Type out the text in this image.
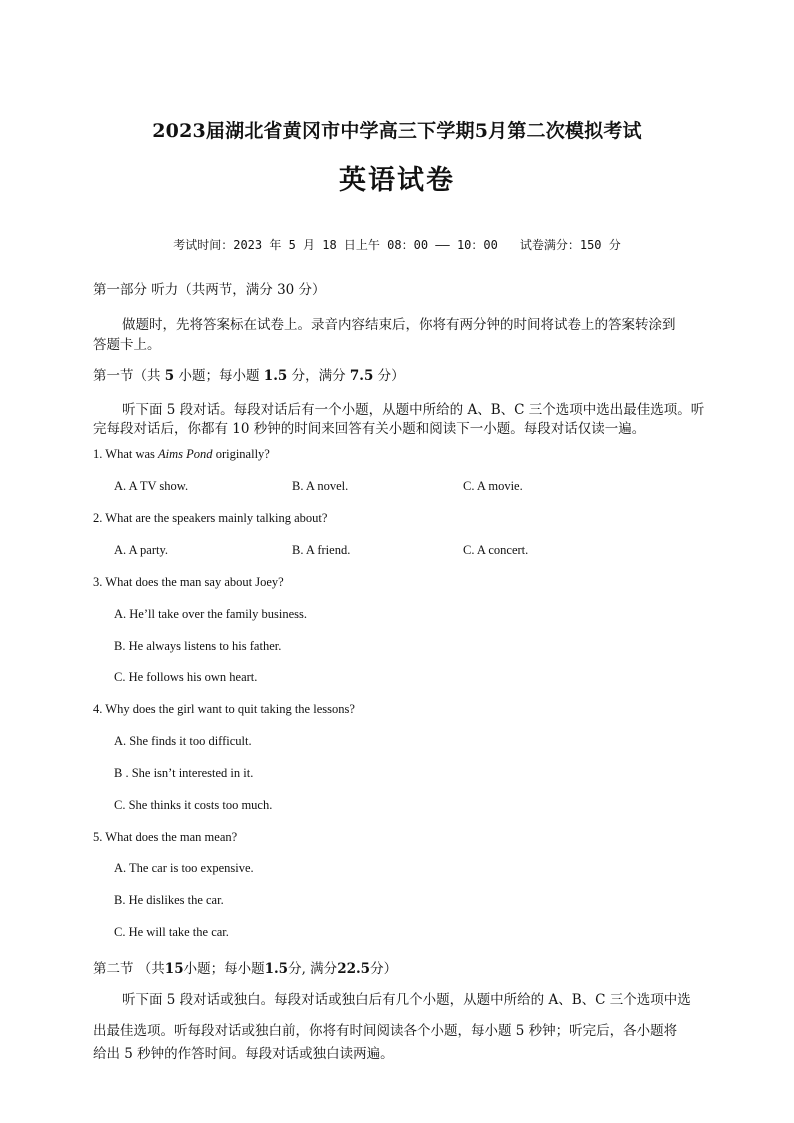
2023届湖北省黄冈市中学高三下学期5月第二次模拟考试
英语试卷
考试时间：2023 年 5 月 18 日上午 08：00 —— 10：00 试卷满分：150 分
第一部分 听力（共两节，满分 30 分）
做题时，先将答案标在试卷上。录音内容结束后，你将有两分钟的时间将试卷上的答案转涂到
答题卡上。
第一节（共 5 小题；每小题 1.5 分，满分 7.5 分）
听下面 5 段对话。每段对话后有一个小题，从题中所给的 A、B、C 三个选项中选出最佳选项。听
完每段对话后，你都有 10 秒钟的时间来回答有关小题和阅读下一小题。每段对话仅读一遍。
1. What was Aims Pond originally?
A. A TV show.	B. A novel.	C. A movie.
2. What are the speakers mainly talking about?
A. A party.	B. A friend.	C. A concert.
3. What does the man say about Joey?
A. He’ll take over the family business.
B. He always listens to his father.
C. He follows his own heart.
4. Why does the girl want to quit taking the lessons?
A. She finds it too difficult.
B . She isn’t interested in it.
C. She thinks it costs too much.
5. What does the man mean?
A. The car is too expensive.
B. He dislikes the car.
C. He will take the car.
第二节 （共15小题；每小题1.5分, 满分22.5分）
听下面 5 段对话或独白。每段对话或独白后有几个小题，从题中所给的 A、B、C 三个选项中选
出最佳选项。听每段对话或独白前，你将有时间阅读各个小题，每小题 5 秒钟；听完后，各小题将
给出 5 秒钟的作答时间。每段对话或独白读两遍。
